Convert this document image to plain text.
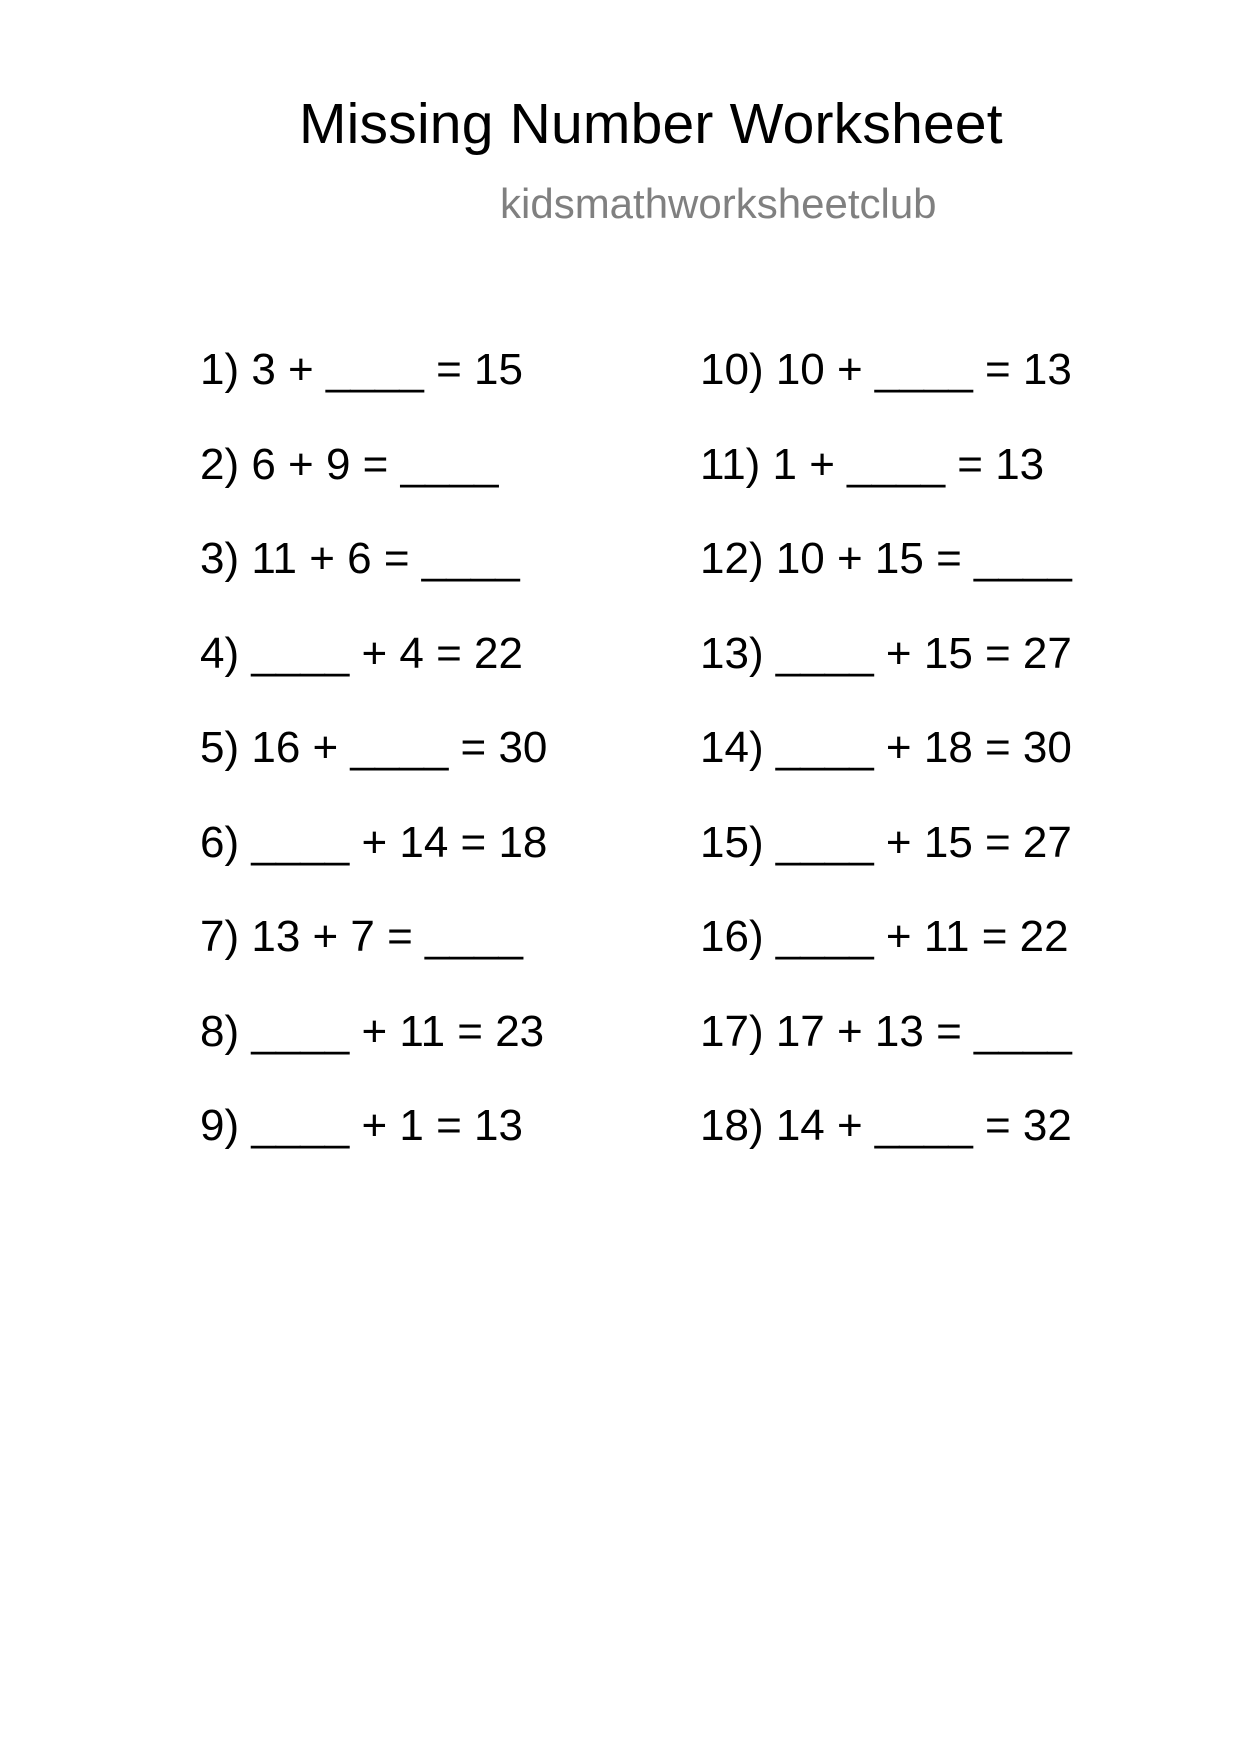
Missing Number Worksheet
kidsmathworksheetclub
1) 3 + ____ = 15
2) 6 + 9 = ____
3) 11 + 6 = ____
4) ____ + 4 = 22
5) 16 + ____ = 30
6) ____ + 14 = 18
7) 13 + 7 = ____
8) ____ + 11 = 23
9) ____ + 1 = 13
10) 10 + ____ = 13
11) 1 + ____ = 13
12) 10 + 15 = ____
13) ____ + 15 = 27
14) ____ + 18 = 30
15) ____ + 15 = 27
16) ____ + 11 = 22
17) 17 + 13 = ____
18) 14 + ____ = 32
